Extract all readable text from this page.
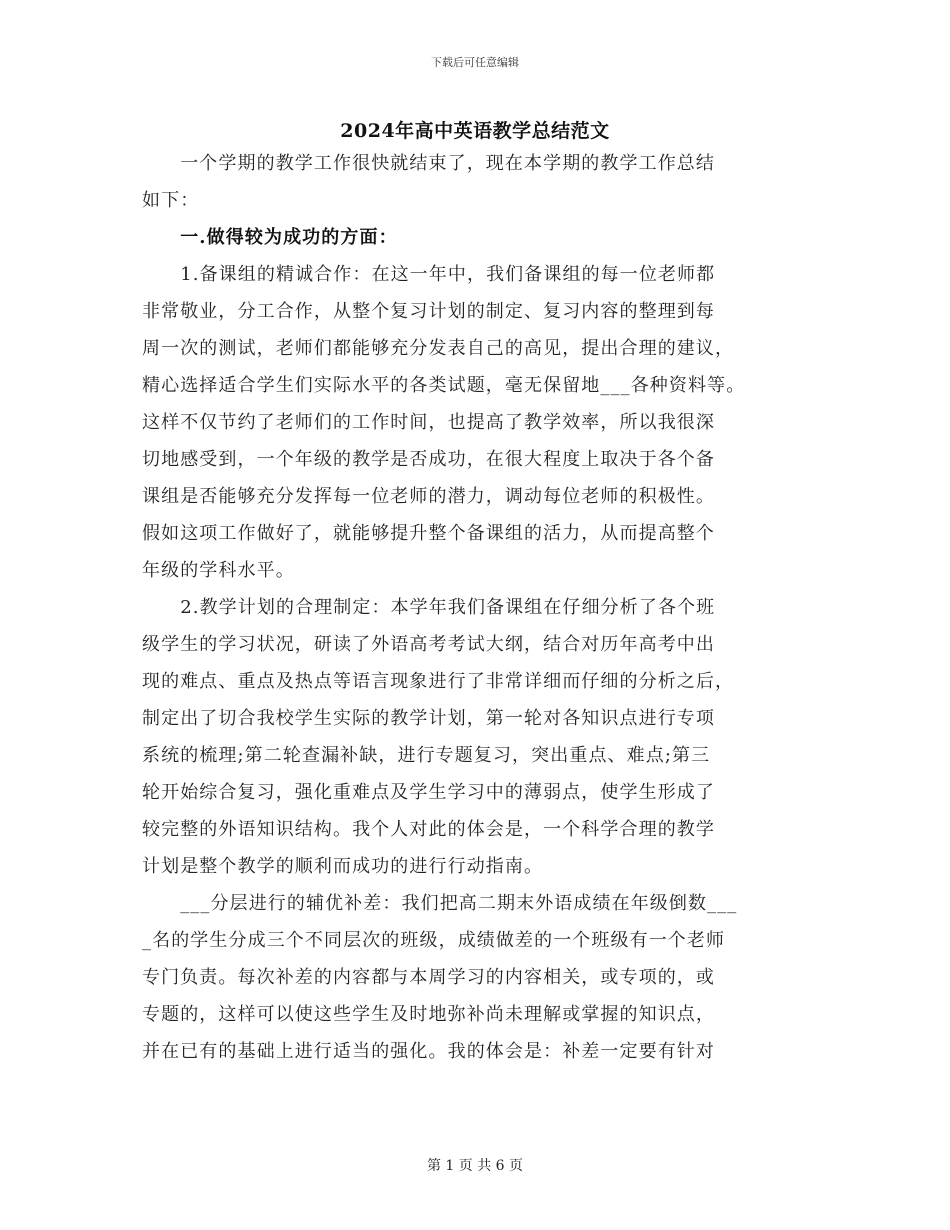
下载后可任意编辑
2024年高中英语教学总结范文
　　一个学期的教学工作很快就结束了，现在本学期的教学工作总结
如下：
　　一.做得较为成功的方面：
　　1.备课组的精诚合作：在这一年中，我们备课组的每一位老师都
非常敬业，分工合作，从整个复习计划的制定、复习内容的整理到每
周一次的测试，老师们都能够充分发表自己的高见，提出合理的建议，
精心选择适合学生们实际水平的各类试题，毫无保留地___各种资料等。
这样不仅节约了老师们的工作时间，也提高了教学效率，所以我很深
切地感受到，一个年级的教学是否成功，在很大程度上取决于各个备
课组是否能够充分发挥每一位老师的潜力，调动每位老师的积极性。
假如这项工作做好了，就能够提升整个备课组的活力，从而提高整个
年级的学科水平。
　　2.教学计划的合理制定：本学年我们备课组在仔细分析了各个班
级学生的学习状况，研读了外语高考考试大纲，结合对历年高考中出
现的难点、重点及热点等语言现象进行了非常详细而仔细的分析之后，
制定出了切合我校学生实际的教学计划，第一轮对各知识点进行专项
系统的梳理;第二轮查漏补缺，进行专题复习，突出重点、难点;第三
轮开始综合复习，强化重难点及学生学习中的薄弱点，使学生形成了
较完整的外语知识结构。我个人对此的体会是，一个科学合理的教学
计划是整个教学的顺利而成功的进行行动指南。
　　___分层进行的辅优补差：我们把高二期末外语成绩在年级倒数___
_名的学生分成三个不同层次的班级，成绩做差的一个班级有一个老师
专门负责。每次补差的内容都与本周学习的内容相关，或专项的，或
专题的，这样可以使这些学生及时地弥补尚未理解或掌握的知识点，
并在已有的基础上进行适当的强化。我的体会是：补差一定要有针对
第 1 页 共 6 页
